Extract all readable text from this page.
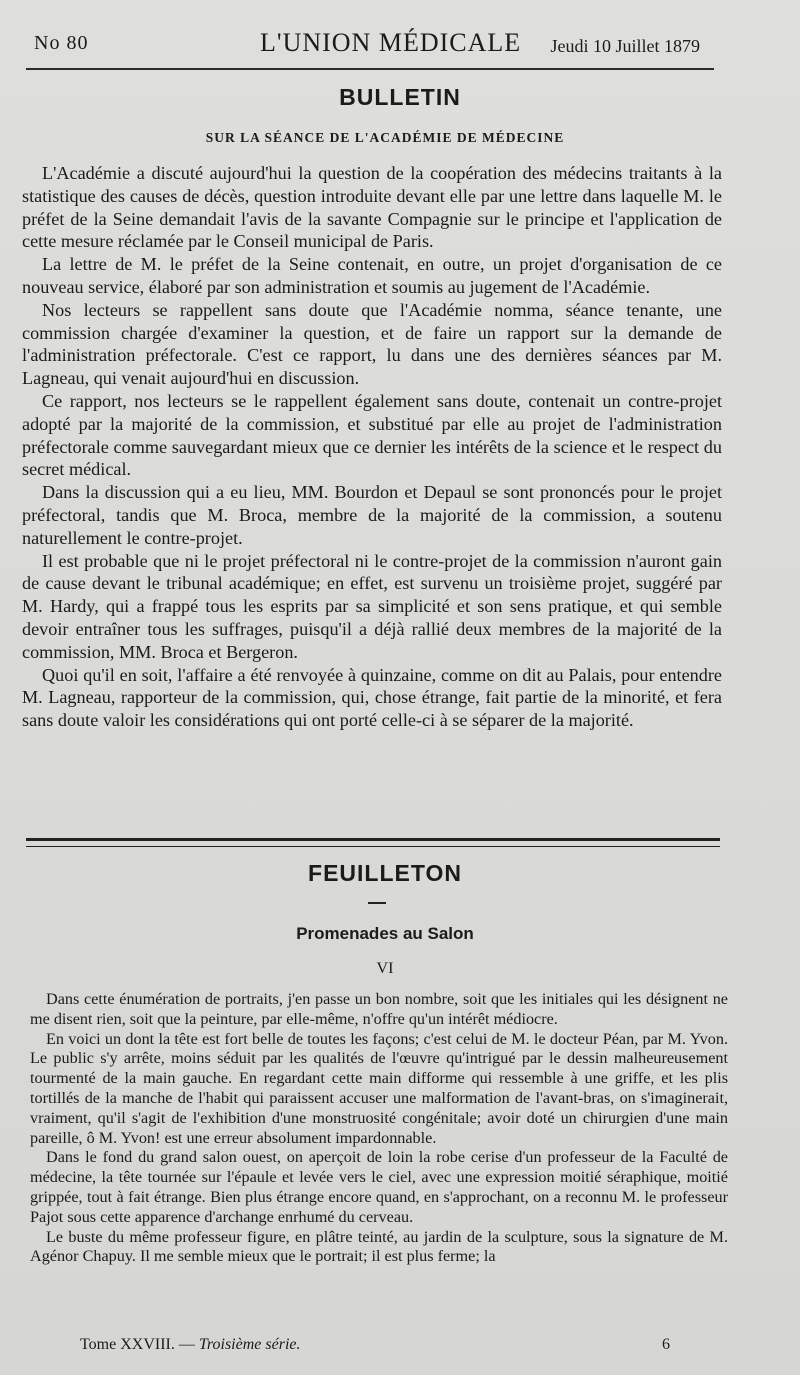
No 80	L'UNION MÉDICALE Jeudi 10 Juillet 1879
BULLETIN
SUR LA SÉANCE DE L'ACADÉMIE DE MÉDECINE

L'Académie a discuté aujourd'hui la question de la coopération des médecins traitants à la statistique des causes de décès, question introduite devant elle par une lettre dans laquelle M. le préfet de la Seine demandait l'avis de la savante Compagnie sur le principe et l'application de cette mesure réclamée par le Conseil municipal de Paris.

La lettre de M. le préfet de la Seine contenait, en outre, un projet d'organisation de ce nouveau service, élaboré par son administration et soumis au jugement de l'Académie.

Nos lecteurs se rappellent sans doute que l'Académie nomma, séance tenante, une commission chargée d'examiner la question, et de faire un rapport sur la demande de l'administration préfectorale. C'est ce rapport, lu dans une des dernières séances par M. Lagneau, qui venait aujourd'hui en discussion.

Ce rapport, nos lecteurs se le rappellent également sans doute, contenait un contre-projet adopté par la majorité de la commission, et substitué par elle au projet de l'administration préfectorale comme sauvegardant mieux que ce dernier les intérêts de la science et le respect du secret médical.

Dans la discussion qui a eu lieu, MM. Bourdon et Depaul se sont prononcés pour le projet préfectoral, tandis que M. Broca, membre de la majorité de la commission, a soutenu naturellement le contre-projet.

Il est probable que ni le projet préfectoral ni le contre-projet de la commission n'auront gain de cause devant le tribunal académique; en effet, est survenu un troisième projet, suggéré par M. Hardy, qui a frappé tous les esprits par sa simplicité et son sens pratique, et qui semble devoir entraîner tous les suffrages, puisqu'il a déjà rallié deux membres de la majorité de la commission, MM. Broca et Bergeron.

Quoi qu'il en soit, l'affaire a été renvoyée à quinzaine, comme on dit au Palais, pour entendre M. Lagneau, rapporteur de la commission, qui, chose étrange, fait partie de la minorité, et fera sans doute valoir les considérations qui ont porté celle-ci à se séparer de la majorité.

FEUILLETON
Promenades au Salon
VI

Dans cette énumération de portraits, j'en passe un bon nombre, soit que les initiales qui les désignent ne me disent rien, soit que la peinture, par elle-même, n'offre qu'un intérêt médiocre.

En voici un dont la tête est fort belle de toutes les façons; c'est celui de M. le docteur Péan, par M. Yvon. Le public s'y arrête, moins séduit par les qualités de l'œuvre qu'intrigué par le dessin malheureusement tourmenté de la main gauche. En regardant cette main difforme qui ressemble à une griffe, et les plis tortillés de la manche de l'habit qui paraissent accuser une malformation de l'avant-bras, on s'imaginerait, vraiment, qu'il s'agit de l'exhibition d'une monstruosité congénitale; avoir doté un chirurgien d'une main pareille, ô M. Yvon! est une erreur absolument impardonnable.

Dans le fond du grand salon ouest, on aperçoit de loin la robe cerise d'un professeur de la Faculté de médecine, la tête tournée sur l'épaule et levée vers le ciel, avec une expression moitié séraphique, moitié grippée, tout à fait étrange. Bien plus étrange encore quand, en s'approchant, on a reconnu M. le professeur Pajot sous cette apparence d'archange enrhumé du cerveau.

Le buste du même professeur figure, en plâtre teinté, au jardin de la sculpture, sous la signature de M. Agénor Chapuy. Il me semble mieux que le portrait; il est plus ferme; la

Tome XXVIII. — Troisième série.	6
